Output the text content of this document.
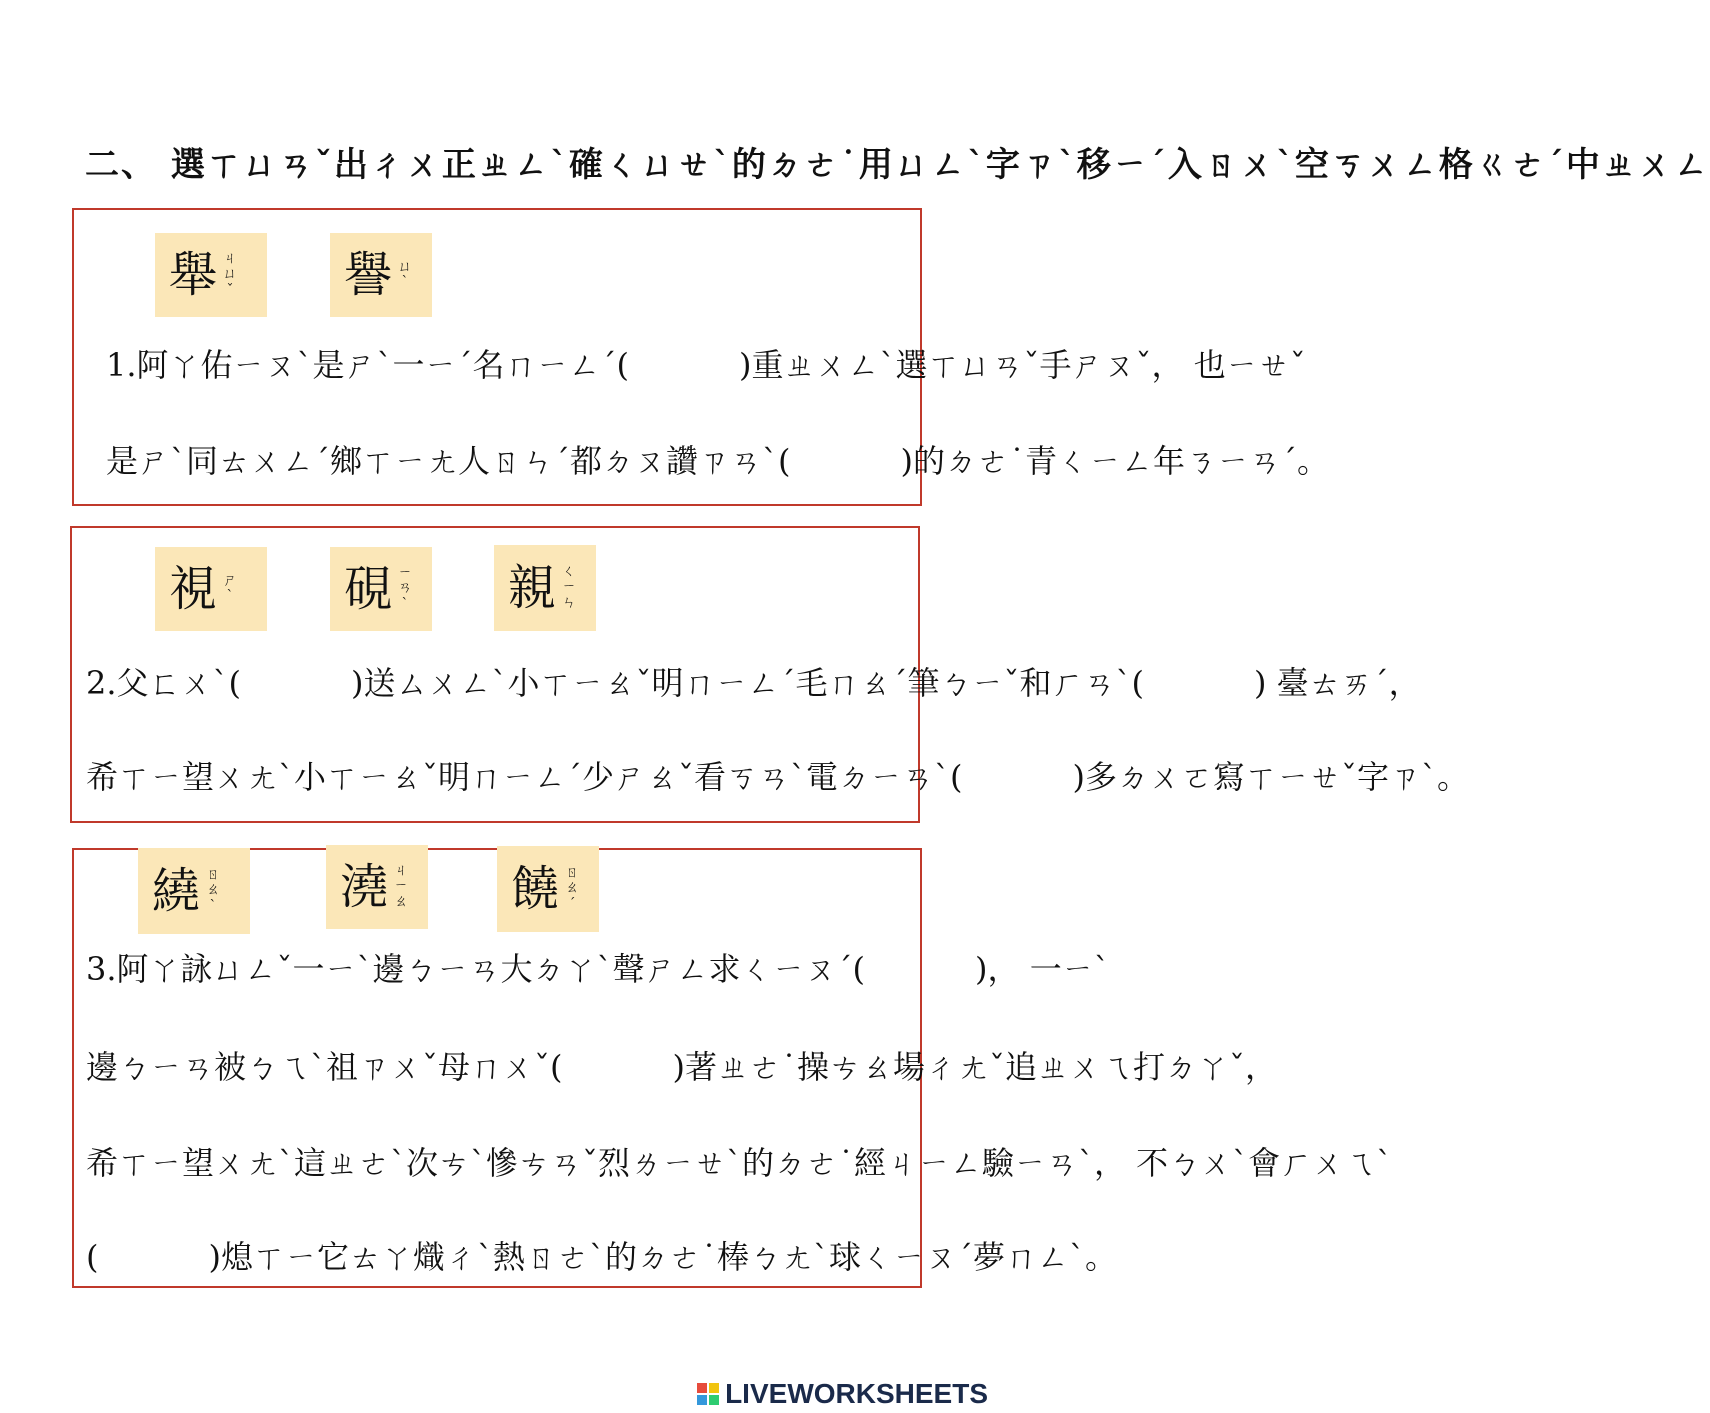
二、 選ㄒㄩㄢˇ出ㄔㄨ正ㄓㄥˋ確ㄑㄩㄝˋ的ㄉㄜ˙用ㄩㄥˋ字ㄗˋ移ㄧˊ入ㄖㄨˋ空ㄎㄨㄥ格ㄍㄜˊ中ㄓㄨㄥ
舉 ㄐㄩˇ 譽 ㄩˋ
1.阿ㄚ佑ㄧㄡˋ是ㄕˋ一ㄧˊ名ㄇㄧㄥˊ(	)重ㄓㄨㄥˋ選ㄒㄩㄢˇ手ㄕㄡˇ， 也ㄧㄝˇ
是ㄕˋ同ㄊㄨㄥˊ鄉ㄒㄧㄤ人ㄖㄣˊ都ㄉㄡ讚ㄗㄢˋ(	)的ㄉㄜ˙青ㄑㄧㄥ年ㄋㄧㄢˊ。
視 ㄕˋ 硯 ㄧㄢˋ 親 ㄑㄧㄣ
2.父ㄈㄨˋ(	)送ㄙㄨㄥˋ小ㄒㄧㄠˇ明ㄇㄧㄥˊ毛ㄇㄠˊ筆ㄅㄧˇ和ㄏㄢˋ(	) 臺ㄊㄞˊ，
希ㄒㄧ望ㄨㄤˋ小ㄒㄧㄠˇ明ㄇㄧㄥˊ少ㄕㄠˇ看ㄎㄢˋ電ㄉㄧㄢˋ(	)多ㄉㄨㄛ寫ㄒㄧㄝˇ字ㄗˋ。
繞 ㄖㄠˋ	澆 ㄐㄧㄠ 饒 ㄖㄠˊ
3.阿ㄚ詠ㄩㄥˇ一ㄧˋ邊ㄅㄧㄢ大ㄉㄚˋ聲ㄕㄥ求ㄑㄧㄡˊ(	)， 一ㄧˋ
邊ㄅㄧㄢ被ㄅㄟˋ祖ㄗㄨˇ母ㄇㄨˇ(	)著ㄓㄜ˙操ㄘㄠ場ㄔㄤˇ追ㄓㄨㄟ打ㄉㄚˇ，
希ㄒㄧ望ㄨㄤˋ這ㄓㄜˋ次ㄘˋ慘ㄘㄢˇ烈ㄌㄧㄝˋ的ㄉㄜ˙經ㄐㄧㄥ驗ㄧㄢˋ， 不ㄅㄨˋ會ㄏㄨㄟˋ
(	)熄ㄒㄧ它ㄊㄚ熾ㄔˋ熱ㄖㄜˋ的ㄉㄜ˙棒ㄅㄤˋ球ㄑㄧㄡˊ夢ㄇㄥˋ。
LIVEWORKSHEETS
